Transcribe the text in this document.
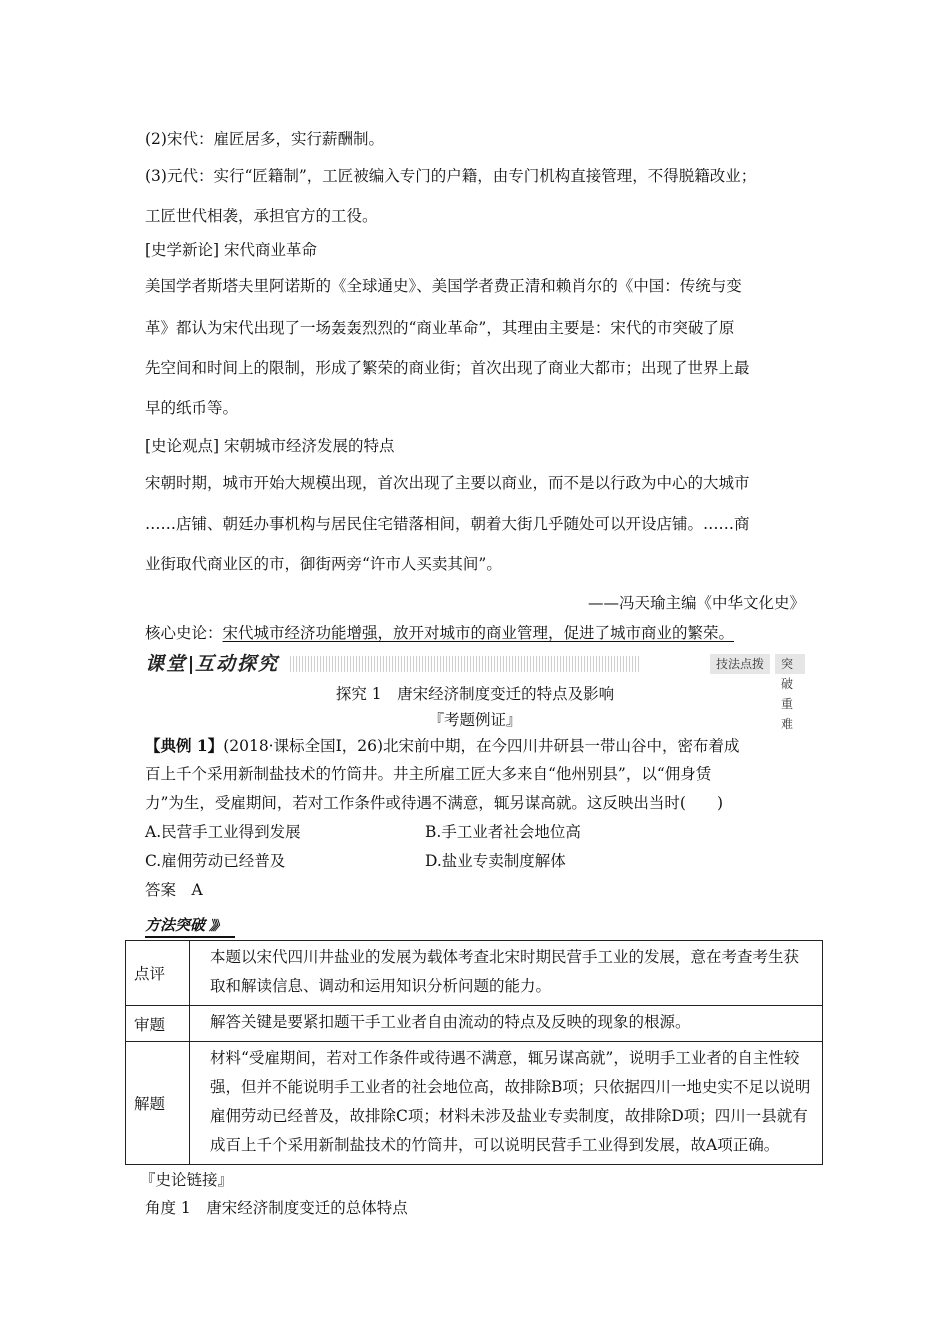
(2)宋代：雇匠居多，实行薪酬制。
(3)元代：实行“匠籍制”，工匠被编入专门的户籍，由专门机构直接管理，不得脱籍改业；
工匠世代相袭，承担官方的工役。
[史学新论] 宋代商业革命
美国学者斯塔夫里阿诺斯的《全球通史》、美国学者费正清和赖肖尔的《中国：传统与变
革》都认为宋代出现了一场轰轰烈烈的“商业革命”，其理由主要是：宋代的市突破了原
先空间和时间上的限制，形成了繁荣的商业街；首次出现了商业大都市；出现了世界上最
早的纸币等。
[史论观点] 宋朝城市经济发展的特点
宋朝时期，城市开始大规模出现，首次出现了主要以商业，而不是以行政为中心的大城市
……店铺、朝廷办事机构与居民住宅错落相间，朝着大街几乎随处可以开设店铺。……商
业街取代商业区的市，御街两旁“许市人买卖其间”。
——冯天瑜主编《中华文化史》
核心史论：宋代城市经济功能增强，放开对城市的商业管理，促进了城市商业的繁荣。
课堂 互动探究	技法点拨	突破重难
探究 1　唐宋经济制度变迁的特点及影响
『考题例证』
【典例 1】(2018·课标全国Ⅰ，26)北宋前中期，在今四川井研县一带山谷中，密布着成
百上千个采用新制盐技术的竹筒井。井主所雇工匠大多来自“他州别县”，以“佣身赁
力”为生，受雇期间，若对工作条件或待遇不满意，辄另谋高就。这反映出当时(　　)
A.民营手工业得到发展	B.手工业者社会地位高
C.雇佣劳动已经普及	D.盐业专卖制度解体
答案　A
方法突破 》》
点评	本题以宋代四川井盐业的发展为载体考查北宋时期民营手工业的发展，意在考查考生获取和解读信息、调动和运用知识分析问题的能力。
审题	解答关键是要紧扣题干手工业者自由流动的特点及反映的现象的根源。
解题	材料“受雇期间，若对工作条件或待遇不满意，辄另谋高就”，说明手工业者的自主性较强，但并不能说明手工业者的社会地位高，故排除B项；只依据四川一地史实不足以说明雇佣劳动已经普及，故排除C项；材料未涉及盐业专卖制度，故排除D项；四川一县就有成百上千个采用新制盐技术的竹筒井，可以说明民营手工业得到发展，故A项正确。
『史论链接』
角度 1　唐宋经济制度变迁的总体特点
